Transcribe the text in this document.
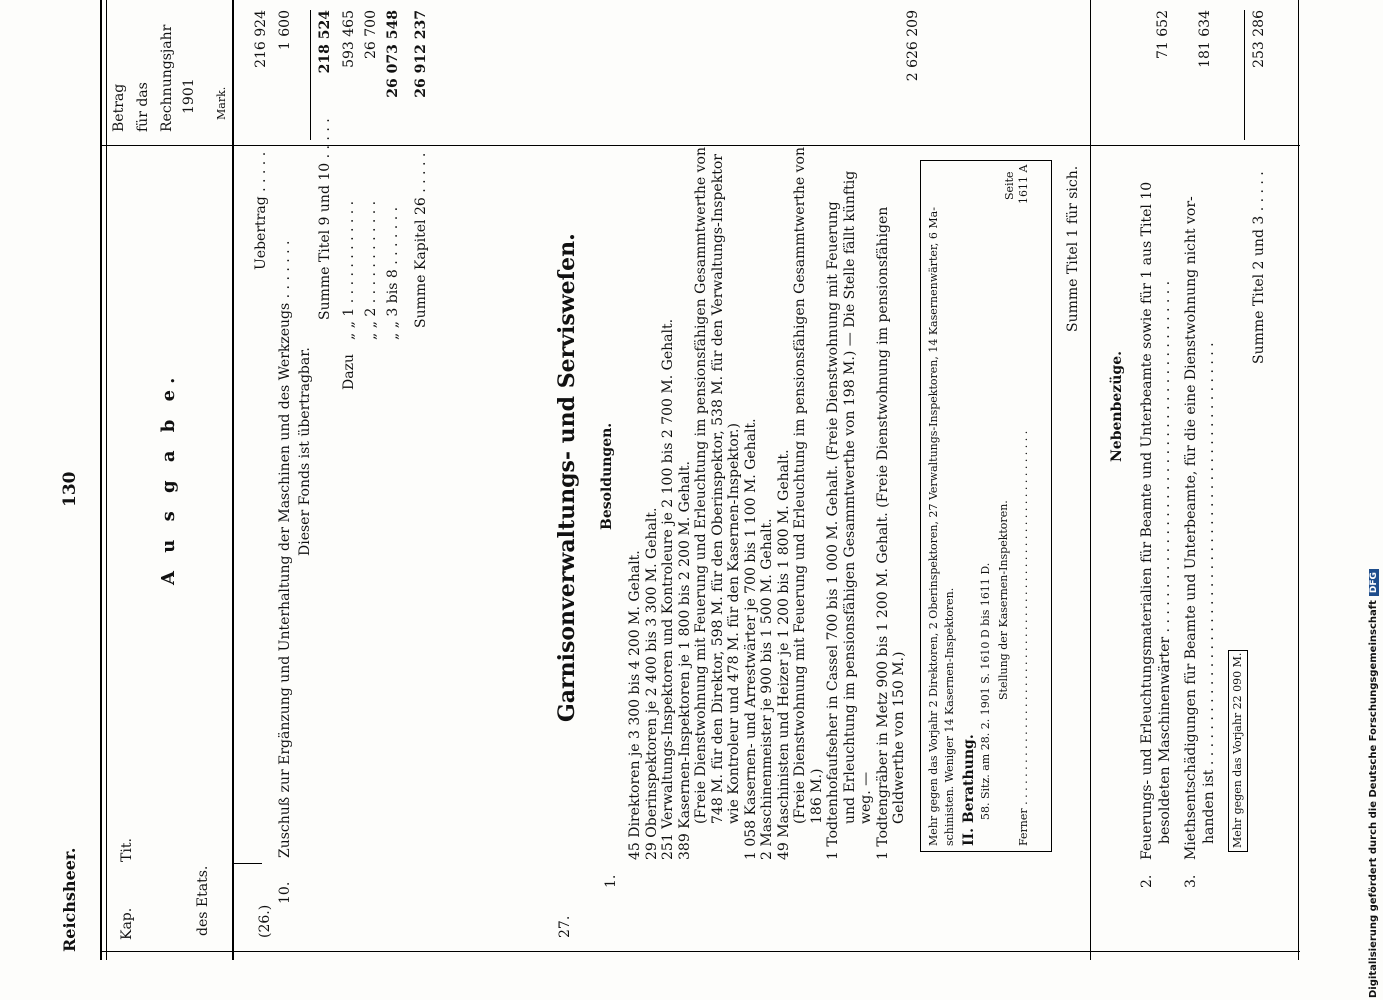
Reichsheer.
130
Kap.
Tit.
des Etats.
Betrag für das Rechnungsjahr 1901 Mark.
A u s g a b e.
(26.)
10.
Zuschuß zur Ergänzung und Unterhaltung der Maschinen und des Werkzeugs . . . . . . . Dieser Fonds ist übertragbar.
Uebertrag . . . . .
216 924 1 600
Summe Titel 9 und 10 . . . . .
218 524
Dazu
„ „ 1 . . . . . . . . . . . .
593 465
„ „ 2 . . . . . . . . . . . .
26 700
„ „ 3 bis 8 . . . . . . .
26 073 548
Summe Kapitel 26 . . . . .
26 912 237
27.
Garnisonverwaltungs- und Servisweſen. Besoldungen.
1.
2 626 209
Summe Titel 1 für sich.
Nebenbezüge.
2.
Feuerungs- und Erleuchtungsmaterialien für Beamte und Unterbeamte sowie für 1 aus Titel 10 besoldeten Maschinenwärter . . . . . . . . . . . . . . . . . . . . . . . . . . . . . . . . . . . . . . . .
71 652
3.
Miethsentschädigungen für Beamte und Unterbeamte, für die eine Dienstwohnung nicht vor- handen ist . . . . . . . . . . . . . . . . . . . . . . . . . . . . . . . . . . . . . . . . . . . . . . . .
181 634
Mehr gegen das Vorjahr 22 090 M.
Summe Titel 2 und 3 . . . . .
253 286
45 Direktoren je 3 300 bis 4 200 M. Gehalt. 29 Oberinspektoren je 2 400 bis 3 300 M. Gehalt. 251 Verwaltungs-Inspektoren und Kontroleure je 2 100 bis 2 700 M. Gehalt. 389 Kasernen-Inspektoren je 1 800 bis 2 200 M. Gehalt. (Freie Dienstwohnung mit Feuerung und Erleuchtung im pensionsfähigen Gesammtwerthe von 748 M. für den Direktor, 598 M. für den Oberinspektor, 538 M. für den Verwaltungs-Inspektor wie Kontroleur und 478 M. für den Kasernen-Inspektor.) 1 058 Kasernen- und Arrestwärter je 700 bis 1 100 M. Gehalt. 2 Maschinenmeister je 900 bis 1 500 M. Gehalt. 49 Maschinisten und Heizer je 1 200 bis 1 800 M. Gehalt. (Freie Dienstwohnung mit Feuerung und Erleuchtung im pensionsfähigen Gesammtwerthe von 186 M.) 1 Todtenhofaufseher in Cassel 700 bis 1 000 M. Gehalt. (Freie Dienstwohnung mit Feuerung und Erleuchtung im pensionsfähigen Gesammtwerthe von 198 M.) — Die Stelle fällt künftig weg. — 1 Todtengräber in Metz 900 bis 1 200 M. Gehalt. (Freie Dienstwohnung im pensionsfähigen Geldwerthe von 150 M.) Mehr gegen das Vorjahr 2 Direktoren, 2 Oberinspektoren, 27 Verwaltungs-Inspektoren, 14 Kasernenwärter, 6 Ma- schinisten. Weniger 14 Kasernen-Inspektoren. II. Berathung. 58. Sitz. am 28. 2. 1901 S. 1610 D bis 1611 D. Stellung der Kasernen-Inspektoren. Ferner . . . . . . . . . . . . . . . . . . . . . . . . . . . . . . . . . . . . . . . . . . . . . . . . . . . . . .
Seite 1611 A
Digitalisierung gefördert durch die Deutsche ForschungsgemeinschaftDFG
